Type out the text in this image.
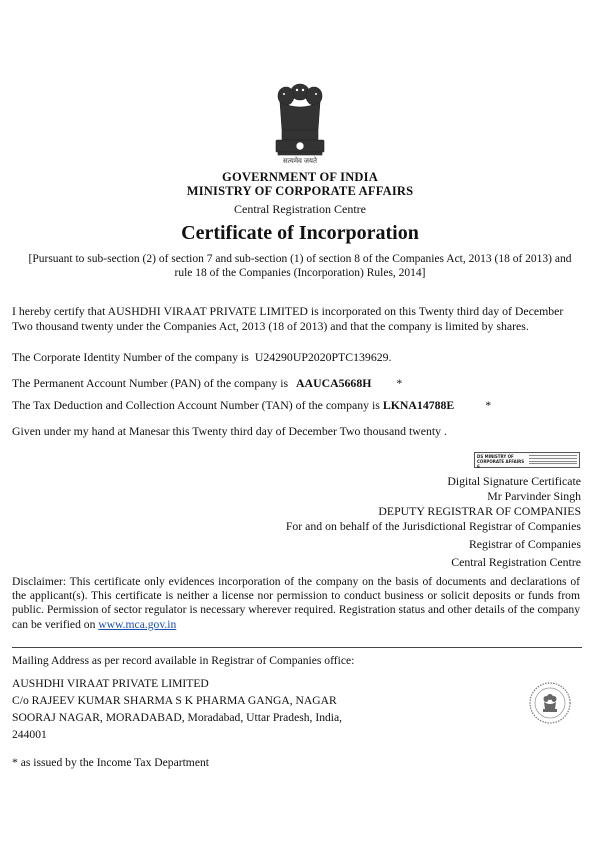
सत्यमेव जयते
GOVERNMENT OF INDIA
MINISTRY OF CORPORATE AFFAIRS
Central Registration Centre
Certificate of Incorporation
[Pursuant to sub-section (2) of section 7 and sub-section (1) of section 8 of the Companies Act, 2013 (18 of 2013) and
rule 18 of the Companies (Incorporation) Rules, 2014]
I hereby certify that AUSHDHI VIRAAT PRIVATE LIMITED is incorporated on this Twenty third day of December
Two thousand twenty under the Companies Act, 2013 (18 of 2013) and that the company is limited by shares.
The Corporate Identity Number of the company is U24290UP2020PTC139629.
The Permanent Account Number (PAN) of the company is AAUCA5668H *
The Tax Deduction and Collection Account Number (TAN) of the company is LKNA14788E	*
Given under my hand at Manesar this Twenty third day of December Two thousand twenty .
DS MINISTRY OF CORPORATE AFFAIRS 6
Digital Signature Certificate
Mr Parvinder Singh
DEPUTY REGISTRAR OF COMPANIES
For and on behalf of the Jurisdictional Registrar of Companies
Registrar of Companies
Central Registration Centre
Disclaimer: This certificate only evidences incorporation of the company on the basis of documents and declarations of the applicant(s). This certificate is neither a license nor permission to conduct business or solicit deposits or funds from public. Permission of sector regulator is necessary wherever required. Registration status and other details of the company can be verified on www.mca.gov.in
Mailing Address as per record available in Registrar of Companies office:
AUSHDHI VIRAAT PRIVATE LIMITED
C/o RAJEEV KUMAR SHARMA S K PHARMA GANGA, NAGAR
SOORAJ NAGAR, MORADABAD, Moradabad, Uttar Pradesh, India,
244001
* as issued by the Income Tax Department
